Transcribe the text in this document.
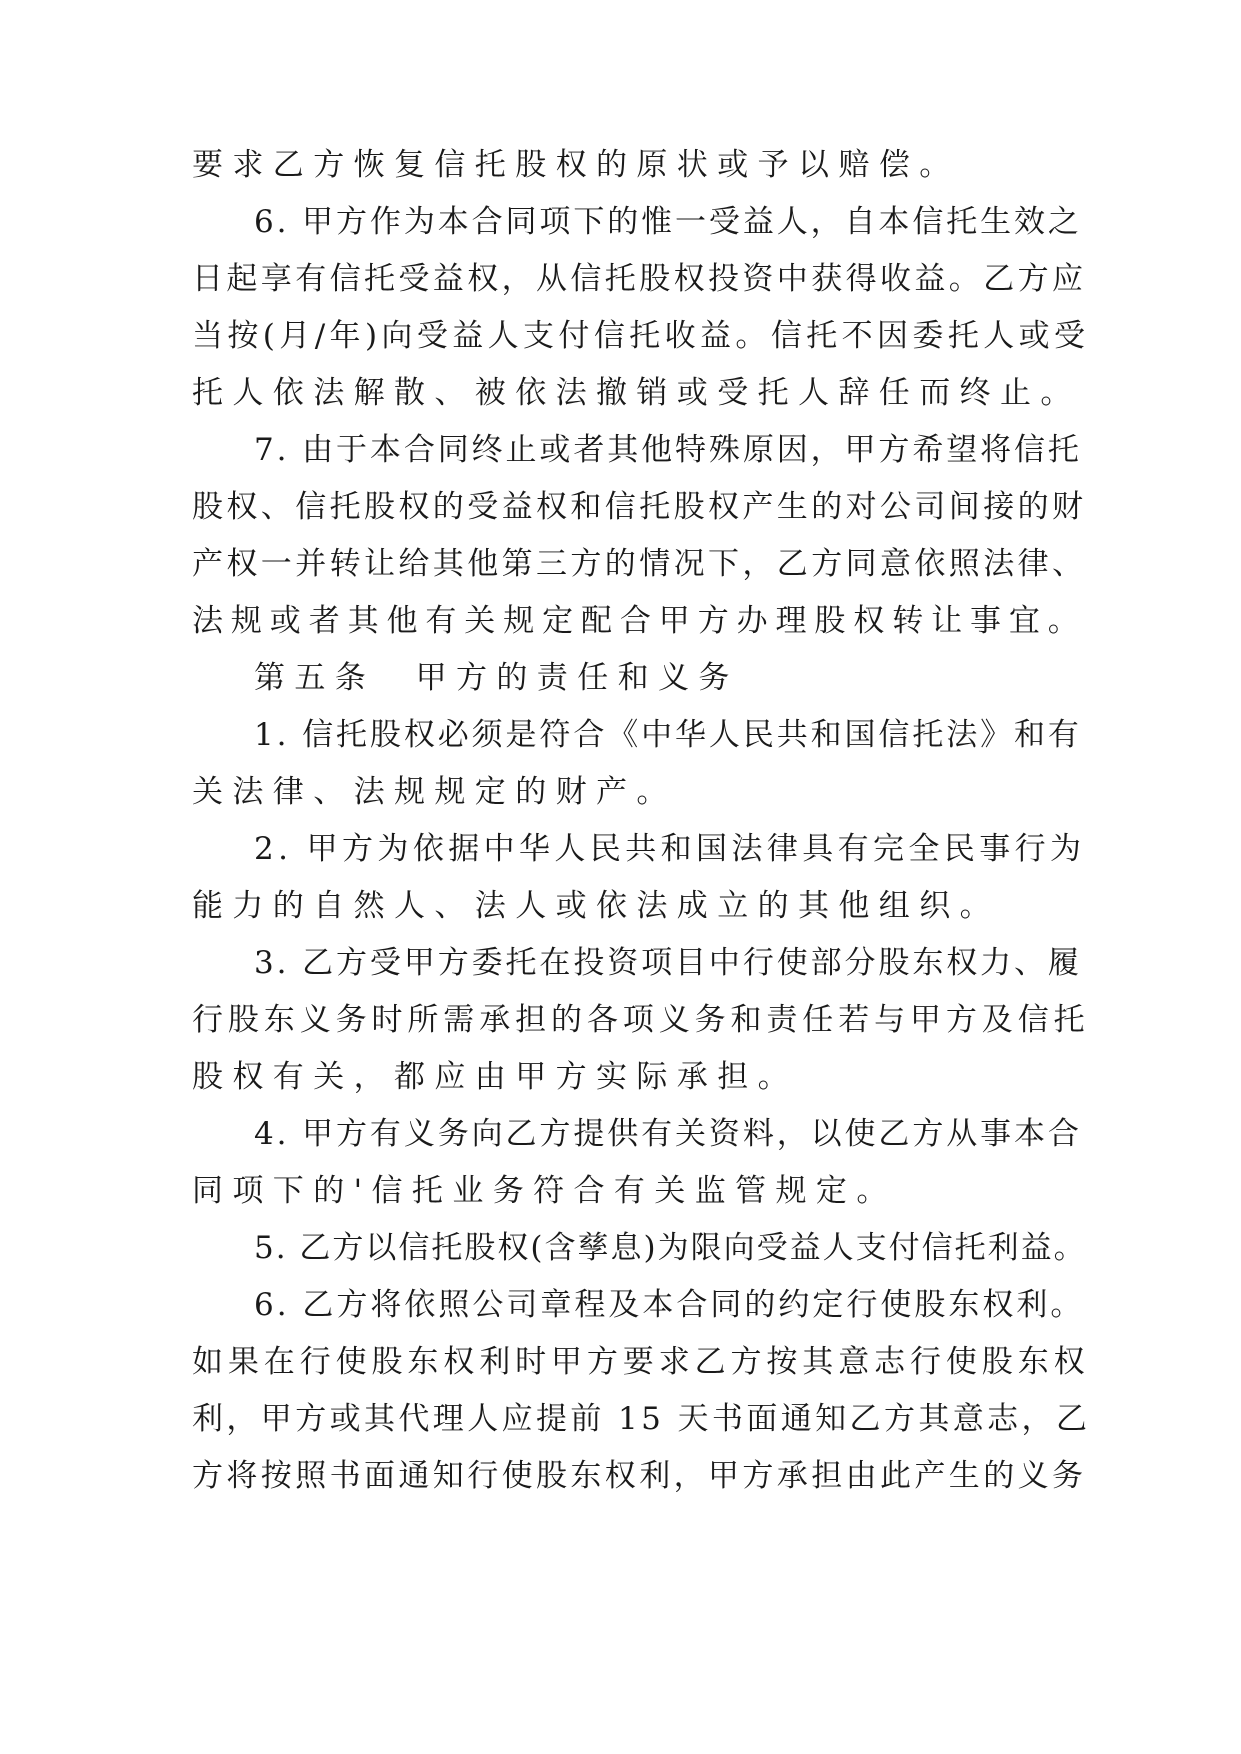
要求乙方恢复信托股权的原状或予以赔偿。
6. 甲方作为本合同项下的惟一受益人，自本信托生效之
日起享有信托受益权，从信托股权投资中获得收益。乙方应
当按(月/年)向受益人支付信托收益。信托不因委托人或受
托人依法解散、被依法撤销或受托人辞任而终止。
7. 由于本合同终止或者其他特殊原因，甲方希望将信托
股权、信托股权的受益权和信托股权产生的对公司间接的财
产权一并转让给其他第三方的情况下，乙方同意依照法律、
法规或者其他有关规定配合甲方办理股权转让事宜。
第五条　甲方的责任和义务
1. 信托股权必须是符合《中华人民共和国信托法》和有
关法律、法规规定的财产。
2. 甲方为依据中华人民共和国法律具有完全民事行为
能力的自然人、法人或依法成立的其他组织。
3. 乙方受甲方委托在投资项目中行使部分股东权力、履
行股东义务时所需承担的各项义务和责任若与甲方及信托
股权有关，都应由甲方实际承担。
4. 甲方有义务向乙方提供有关资料，以使乙方从事本合
同项下的'信托业务符合有关监管规定。
5. 乙方以信托股权(含孳息)为限向受益人支付信托利益。
6. 乙方将依照公司章程及本合同的约定行使股东权利。
如果在行使股东权利时甲方要求乙方按其意志行使股东权
利，甲方或其代理人应提前 15 天书面通知乙方其意志，乙
方将按照书面通知行使股东权利，甲方承担由此产生的义务
